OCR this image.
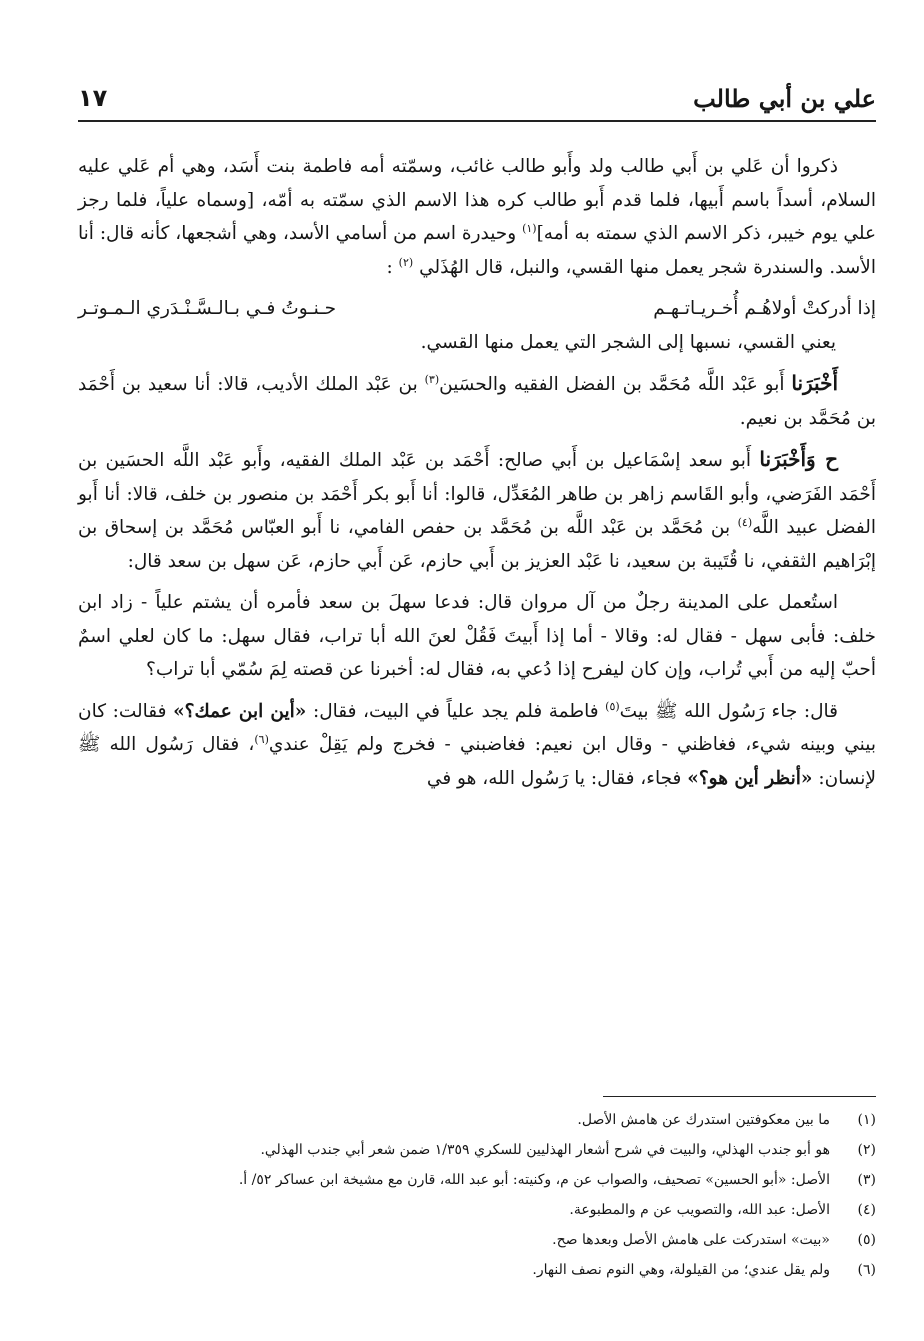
علي بن أبي طالب
١٧

ذكروا أن عَلي بن أَبي طالب ولد وأَبو طالب غائب، وسمّته أمه فاطمة بنت أَسَد، وهي أم عَلي عليه السلام، أسداً باسم أَبيها، فلما قدم أَبو طالب كره هذا الاسم الذي سمّته به أمّه، [وسماه علياً، فلما رجز علي يوم خيبر، ذكر الاسم الذي سمته به أمه]$^{(١)}$ وحيدرة اسم من أسامي الأسد، وهي أشجعها، كأنه قال: أنا الأسد. والسندرة شجر يعمل منها القسي، والنبل، قال الهُذَلي $^{(٢)}$ :

إذا أدركتْ أولاهُـم أُخـريـاتـهـم
حـنـوتُ فـي بـالـسَّـنْـدَري الـمـوتـر

يعني القسي، نسبها إلى الشجر التي يعمل منها القسي.

أَخْبَرَنا أَبو عَبْد اللَّه مُحَمَّد بن الفضل الفقيه والحسَين$^{(٣)}$ بن عَبْد الملك الأديب، قالا: أنا سعيد بن أَحْمَد بن مُحَمَّد بن نعيم.

ح وَأَخْبَرَنا أَبو سعد إسْمَاعيل بن أَبي صالح: أَحْمَد بن عَبْد الملك الفقيه، وأَبو عَبْد اللَّه الحسَين بن أَحْمَد الفَرَضي، وأبو القَاسم زاهر بن طاهر المُعَدِّل، قالوا: أنا أَبو بكر أَحْمَد بن منصور بن خلف، قالا: أنا أَبو الفضل عبيد اللَّه$^{(٤)}$ بن مُحَمَّد بن عَبْد اللَّه بن مُحَمَّد بن حفص الفامي، نا أَبو العبّاس مُحَمَّد بن إسحاق بن إبْرَاهيم الثقفي، نا قُتَيبة بن سعيد، نا عَبْد العزيز بن أَبي حازم، عَن أَبي حازم، عَن سهل بن سعد قال:

استُعمل على المدينة رجلٌ من آل مروان قال: فدعا سهلَ بن سعد فأمره أن يشتم علياً - زاد ابن خلف: فأبى سهل - فقال له: وقالا - أما إذا أَبيتَ فَقُلْ لعنَ الله أبا تراب، فقال سهل: ما كان لعلي اسمٌ أحبّ إليه من أَبي تُراب، وإن كان ليفرح إذا دُعي به، فقال له: أخبرنا عن قصته لِمَ سُمّي أبا تراب؟

قال: جاء رَسُول الله ﷺ بيتَ$^{(٥)}$ فاطمة فلم يجد علياً في البيت، فقال: «أين ابن عمك؟» فقالت: كان بيني وبينه شيء، فغاظني - وقال ابن نعيم: فغاضبني - فخرج ولم يَقِلْ عندي$^{(٦)}$، فقال رَسُول الله ﷺ لإنسان: «أنظر أين هو؟» فجاء، فقال: يا رَسُول الله، هو في

(١)
ما بين معكوفتين استدرك عن هامش الأصل.
(٢)
هو أبو جندب الهذلي، والبيت في شرح أشعار الهذليين للسكري ١/٣٥٩ ضمن شعر أبي جندب الهذلي.
(٣)
الأصل: «أبو الحسين» تصحيف، والصواب عن م، وكنيته: أبو عبد الله، قارن مع مشيخة ابن عساكر ٥٢/ أ.
(٤)
الأصل: عبد الله، والتصويب عن م والمطبوعة.
(٥)
«بيت» استدركت على هامش الأصل وبعدها صح.
(٦)
ولم يقل عندي؛ من القيلولة، وهي النوم نصف النهار.
